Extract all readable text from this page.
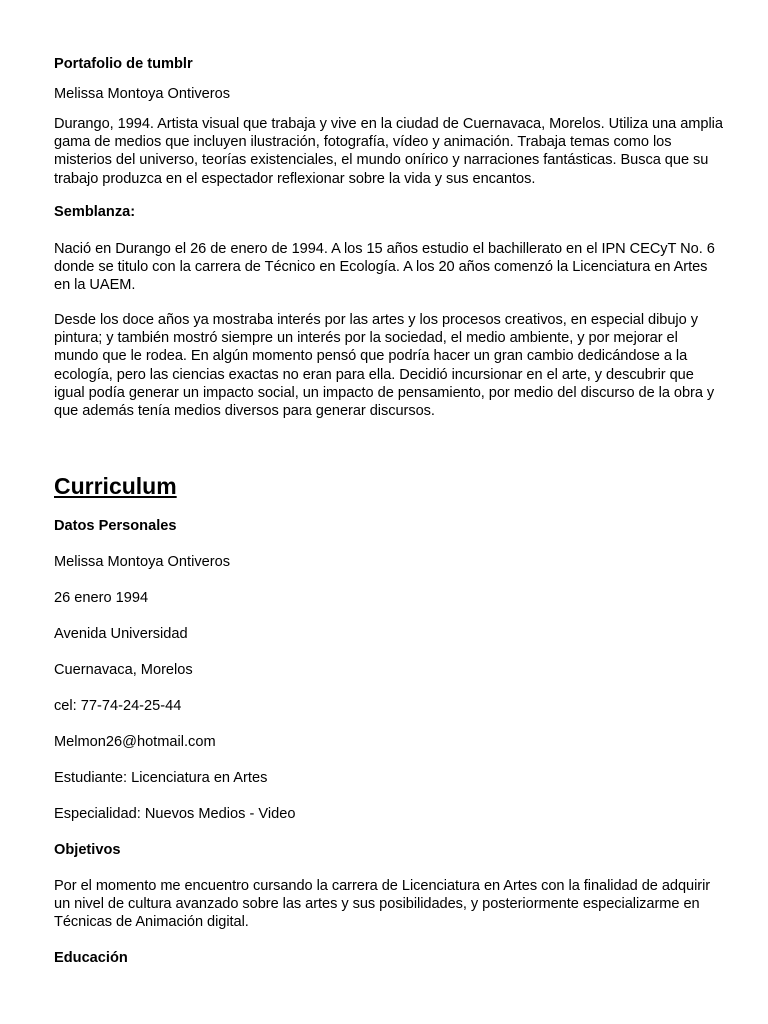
Portafolio de tumblr

Melissa Montoya Ontiveros

Durango, 1994. Artista visual que trabaja y vive en la ciudad de Cuernavaca, Morelos. Utiliza una amplia gama de medios que incluyen ilustración, fotografía, vídeo y animación. Trabaja temas como los misterios del universo, teorías existenciales, el mundo onírico y narraciones fantásticas. Busca que su trabajo produzca en el espectador reflexionar sobre la vida y sus encantos.

Semblanza:

Nació en Durango el 26 de enero de 1994. A los 15 años estudio el bachillerato en el IPN CECyT No. 6 donde se titulo con la carrera de Técnico en Ecología. A los 20 años comenzó la Licenciatura en Artes en la UAEM.

Desde los doce años ya mostraba interés por las artes y los procesos creativos, en especial dibujo y pintura; y también mostró siempre un interés por la sociedad, el medio ambiente, y por mejorar el mundo que le rodea. En algún momento pensó que podría hacer un gran cambio dedicándose a la ecología, pero las ciencias exactas no eran para ella. Decidió incursionar en el arte, y descubrir que igual podía generar un impacto social, un impacto de pensamiento, por medio del discurso de la obra y que además tenía medios diversos para generar discursos.

Curriculum

Datos Personales

Melissa Montoya Ontiveros

26 enero 1994

Avenida Universidad

Cuernavaca, Morelos

cel: 77-74-24-25-44

Melmon26@hotmail.com

Estudiante: Licenciatura en Artes

Especialidad: Nuevos Medios - Video

Objetivos

Por el momento me encuentro cursando la carrera de Licenciatura en Artes con la finalidad de adquirir un nivel de cultura avanzado sobre las artes y sus posibilidades, y posteriormente especializarme en Técnicas de Animación digital.

Educación
